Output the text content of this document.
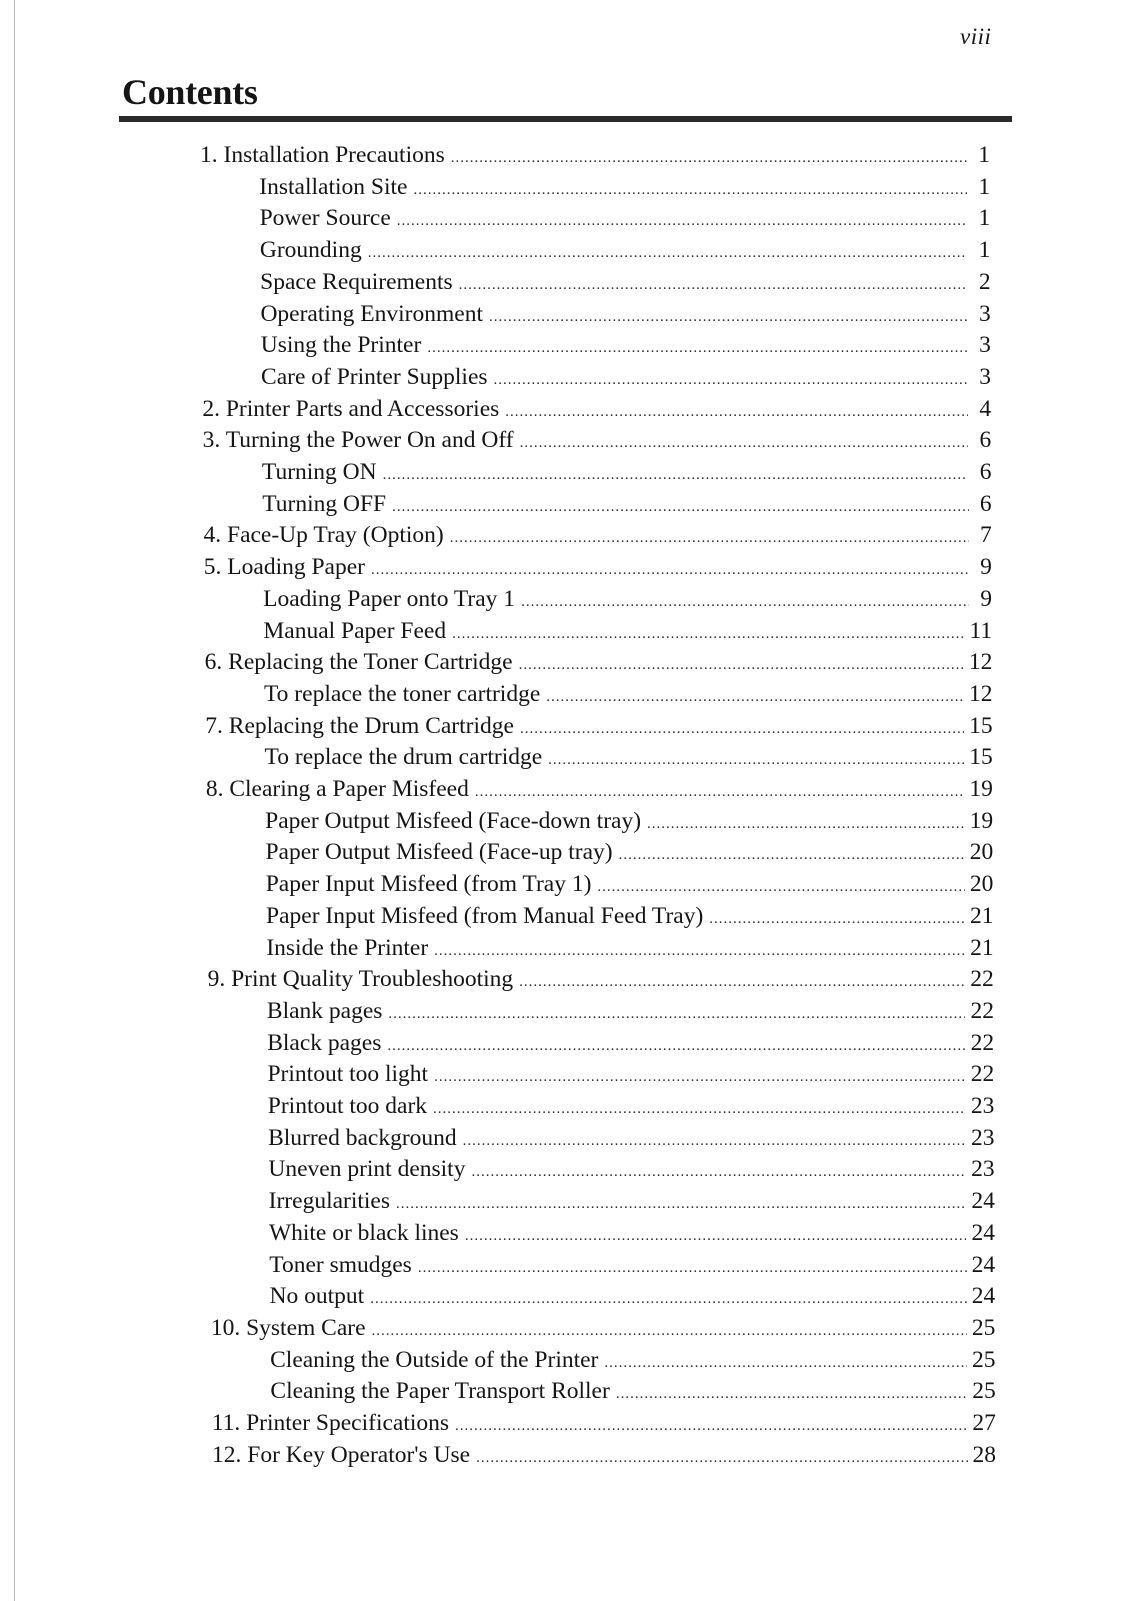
viii
Contents
1. Installation Precautions .....	1
Installation Site .....	1
Power Source .....	1
Grounding .....	1
Space Requirements .....	2
Operating Environment .....	3
Using the Printer .....	3
Care of Printer Supplies .....	3
2. Printer Parts and Accessories .....	4
3. Turning the Power On and Off .....	6
Turning ON .....	6
Turning OFF .....	6
4. Face-Up Tray (Option) .....	7
5. Loading Paper .....	9
Loading Paper onto Tray 1 .....	9
Manual Paper Feed .....	11
6. Replacing the Toner Cartridge .....	12
To replace the toner cartridge .....	12
7. Replacing the Drum Cartridge .....	15
To replace the drum cartridge .....	15
8. Clearing a Paper Misfeed .....	19
Paper Output Misfeed (Face-down tray) .....	19
Paper Output Misfeed (Face-up tray) .....	20
Paper Input Misfeed (from Tray 1) .....	20
Paper Input Misfeed (from Manual Feed Tray) .....	21
Inside the Printer .....	21
9. Print Quality Troubleshooting .....	22
Blank pages .....	22
Black pages .....	22
Printout too light .....	22
Printout too dark .....	23
Blurred background .....	23
Uneven print density .....	23
Irregularities .....	24
White or black lines .....	24
Toner smudges .....	24
No output .....	24
10. System Care .....	25
Cleaning the Outside of the Printer .....	25
Cleaning the Paper Transport Roller .....	25
11. Printer Specifications .....	27
12. For Key Operator's Use .....	28
